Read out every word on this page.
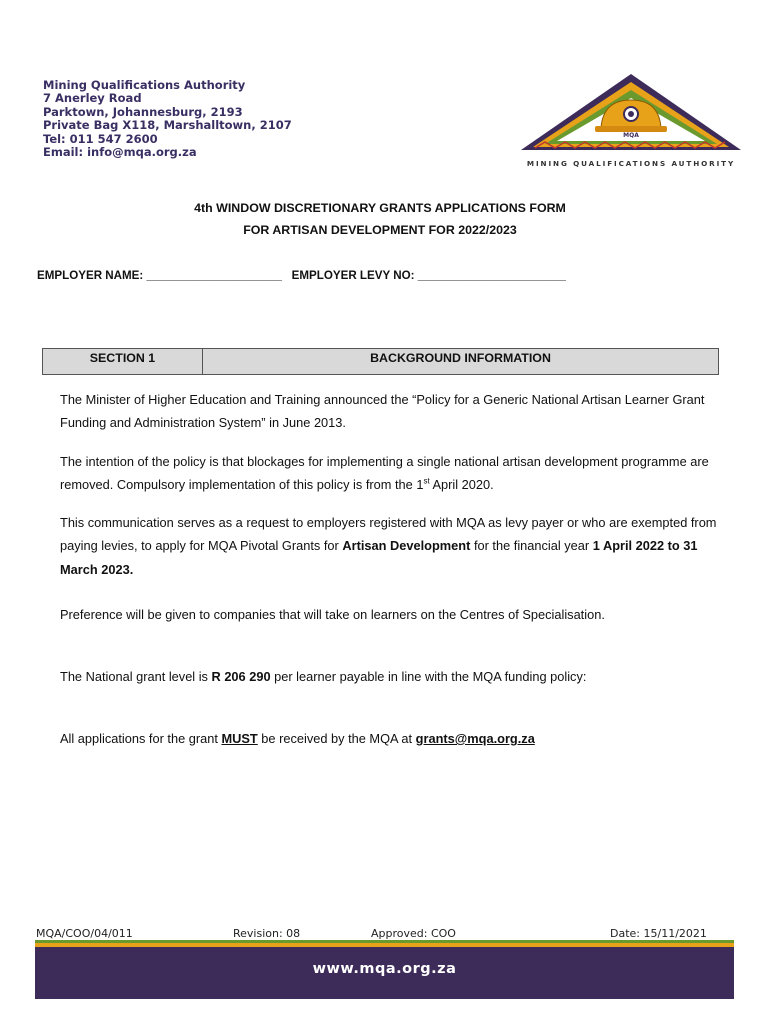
Mining Qualifications Authority
7 Anerley Road
Parktown, Johannesburg, 2193
Private Bag X118, Marshalltown, 2107
Tel: 011 547 2600
Email: info@mqa.org.za
MQA
MINING QUALIFICATIONS AUTHORITY
4th WINDOW DISCRETIONARY GRANTS APPLICATIONS FORM
FOR ARTISAN DEVELOPMENT FOR 2022/2023
EMPLOYER NAME: _____________________ EMPLOYER LEVY NO: _______________________
SECTION 1	BACKGROUND INFORMATION
The Minister of Higher Education and Training announced the “Policy for a Generic National Artisan Learner Grant Funding and Administration System” in June 2013.
The intention of the policy is that blockages for implementing a single national artisan development programme are removed. Compulsory implementation of this policy is from the 1st April 2020.
This communication serves as a request to employers registered with MQA as levy payer or who are exempted from paying levies, to apply for MQA Pivotal Grants for Artisan Development for the financial year 1 April 2022 to 31 March 2023.
Preference will be given to companies that will take on learners on the Centres of Specialisation.
The National grant level is R 206 290 per learner payable in line with the MQA funding policy:
All applications for the grant MUST be received by the MQA at grants@mqa.org.za
MQA/COO/04/011	Revision: 08	Approved: COO	Date: 15/11/2021
www.mqa.org.za
